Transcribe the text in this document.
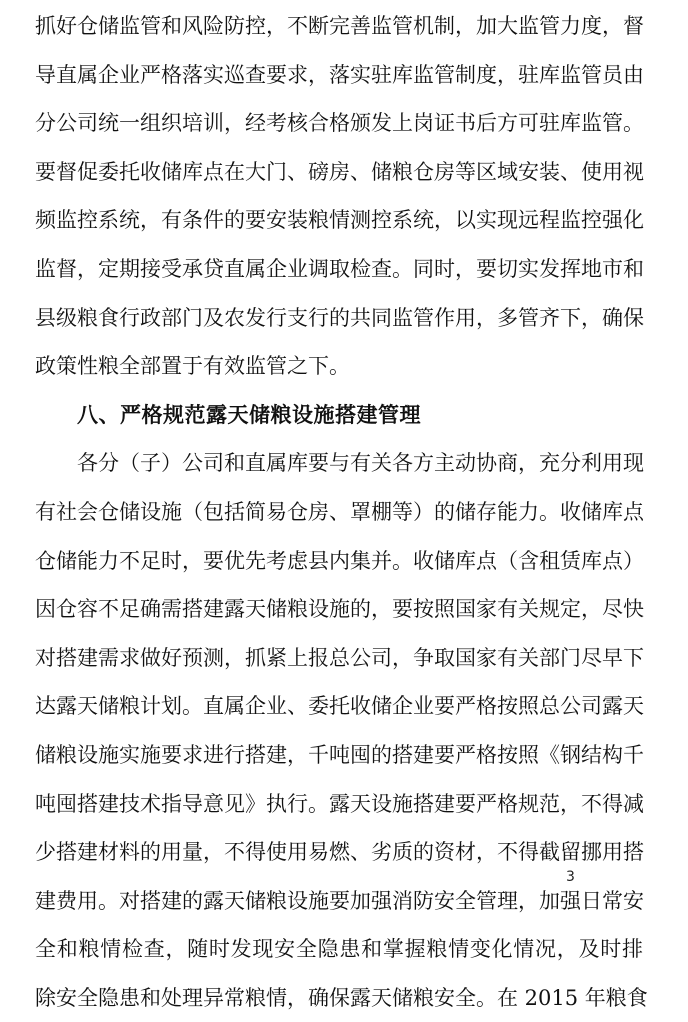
抓好仓储监管和风险防控，不断完善监管机制，加大监管力度，督
导直属企业严格落实巡查要求，落实驻库监管制度，驻库监管员由
分公司统一组织培训，经考核合格颁发上岗证书后方可驻库监管。
要督促委托收储库点在大门、磅房、储粮仓房等区域安装、使用视
频监控系统，有条件的要安装粮情测控系统，以实现远程监控强化
监督，定期接受承贷直属企业调取检查。同时，要切实发挥地市和
县级粮食行政部门及农发行支行的共同监管作用，多管齐下，确保
政策性粮全部置于有效监管之下。
八、严格规范露天储粮设施搭建管理
各分（子）公司和直属库要与有关各方主动协商，充分利用现
有社会仓储设施（包括简易仓房、罩棚等）的储存能力。收储库点
仓储能力不足时，要优先考虑县内集并。收储库点（含租赁库点）
因仓容不足确需搭建露天储粮设施的，要按照国家有关规定，尽快
对搭建需求做好预测，抓紧上报总公司，争取国家有关部门尽早下
达露天储粮计划。直属企业、委托收储企业要严格按照总公司露天
储粮设施实施要求进行搭建，千吨囤的搭建要严格按照《钢结构千
吨囤搭建技术指导意见》执行。露天设施搭建要严格规范，不得减
少搭建材料的用量，不得使用易燃、劣质的资材，不得截留挪用搭
建费用。对搭建的露天储粮设施要加强消防安全管理，加强日常安
全和粮情检查，随时发现安全隐患和掌握粮情变化情况，及时排
除安全隐患和处理异常粮情，确保露天储粮安全。在 2015 年粮食
3
